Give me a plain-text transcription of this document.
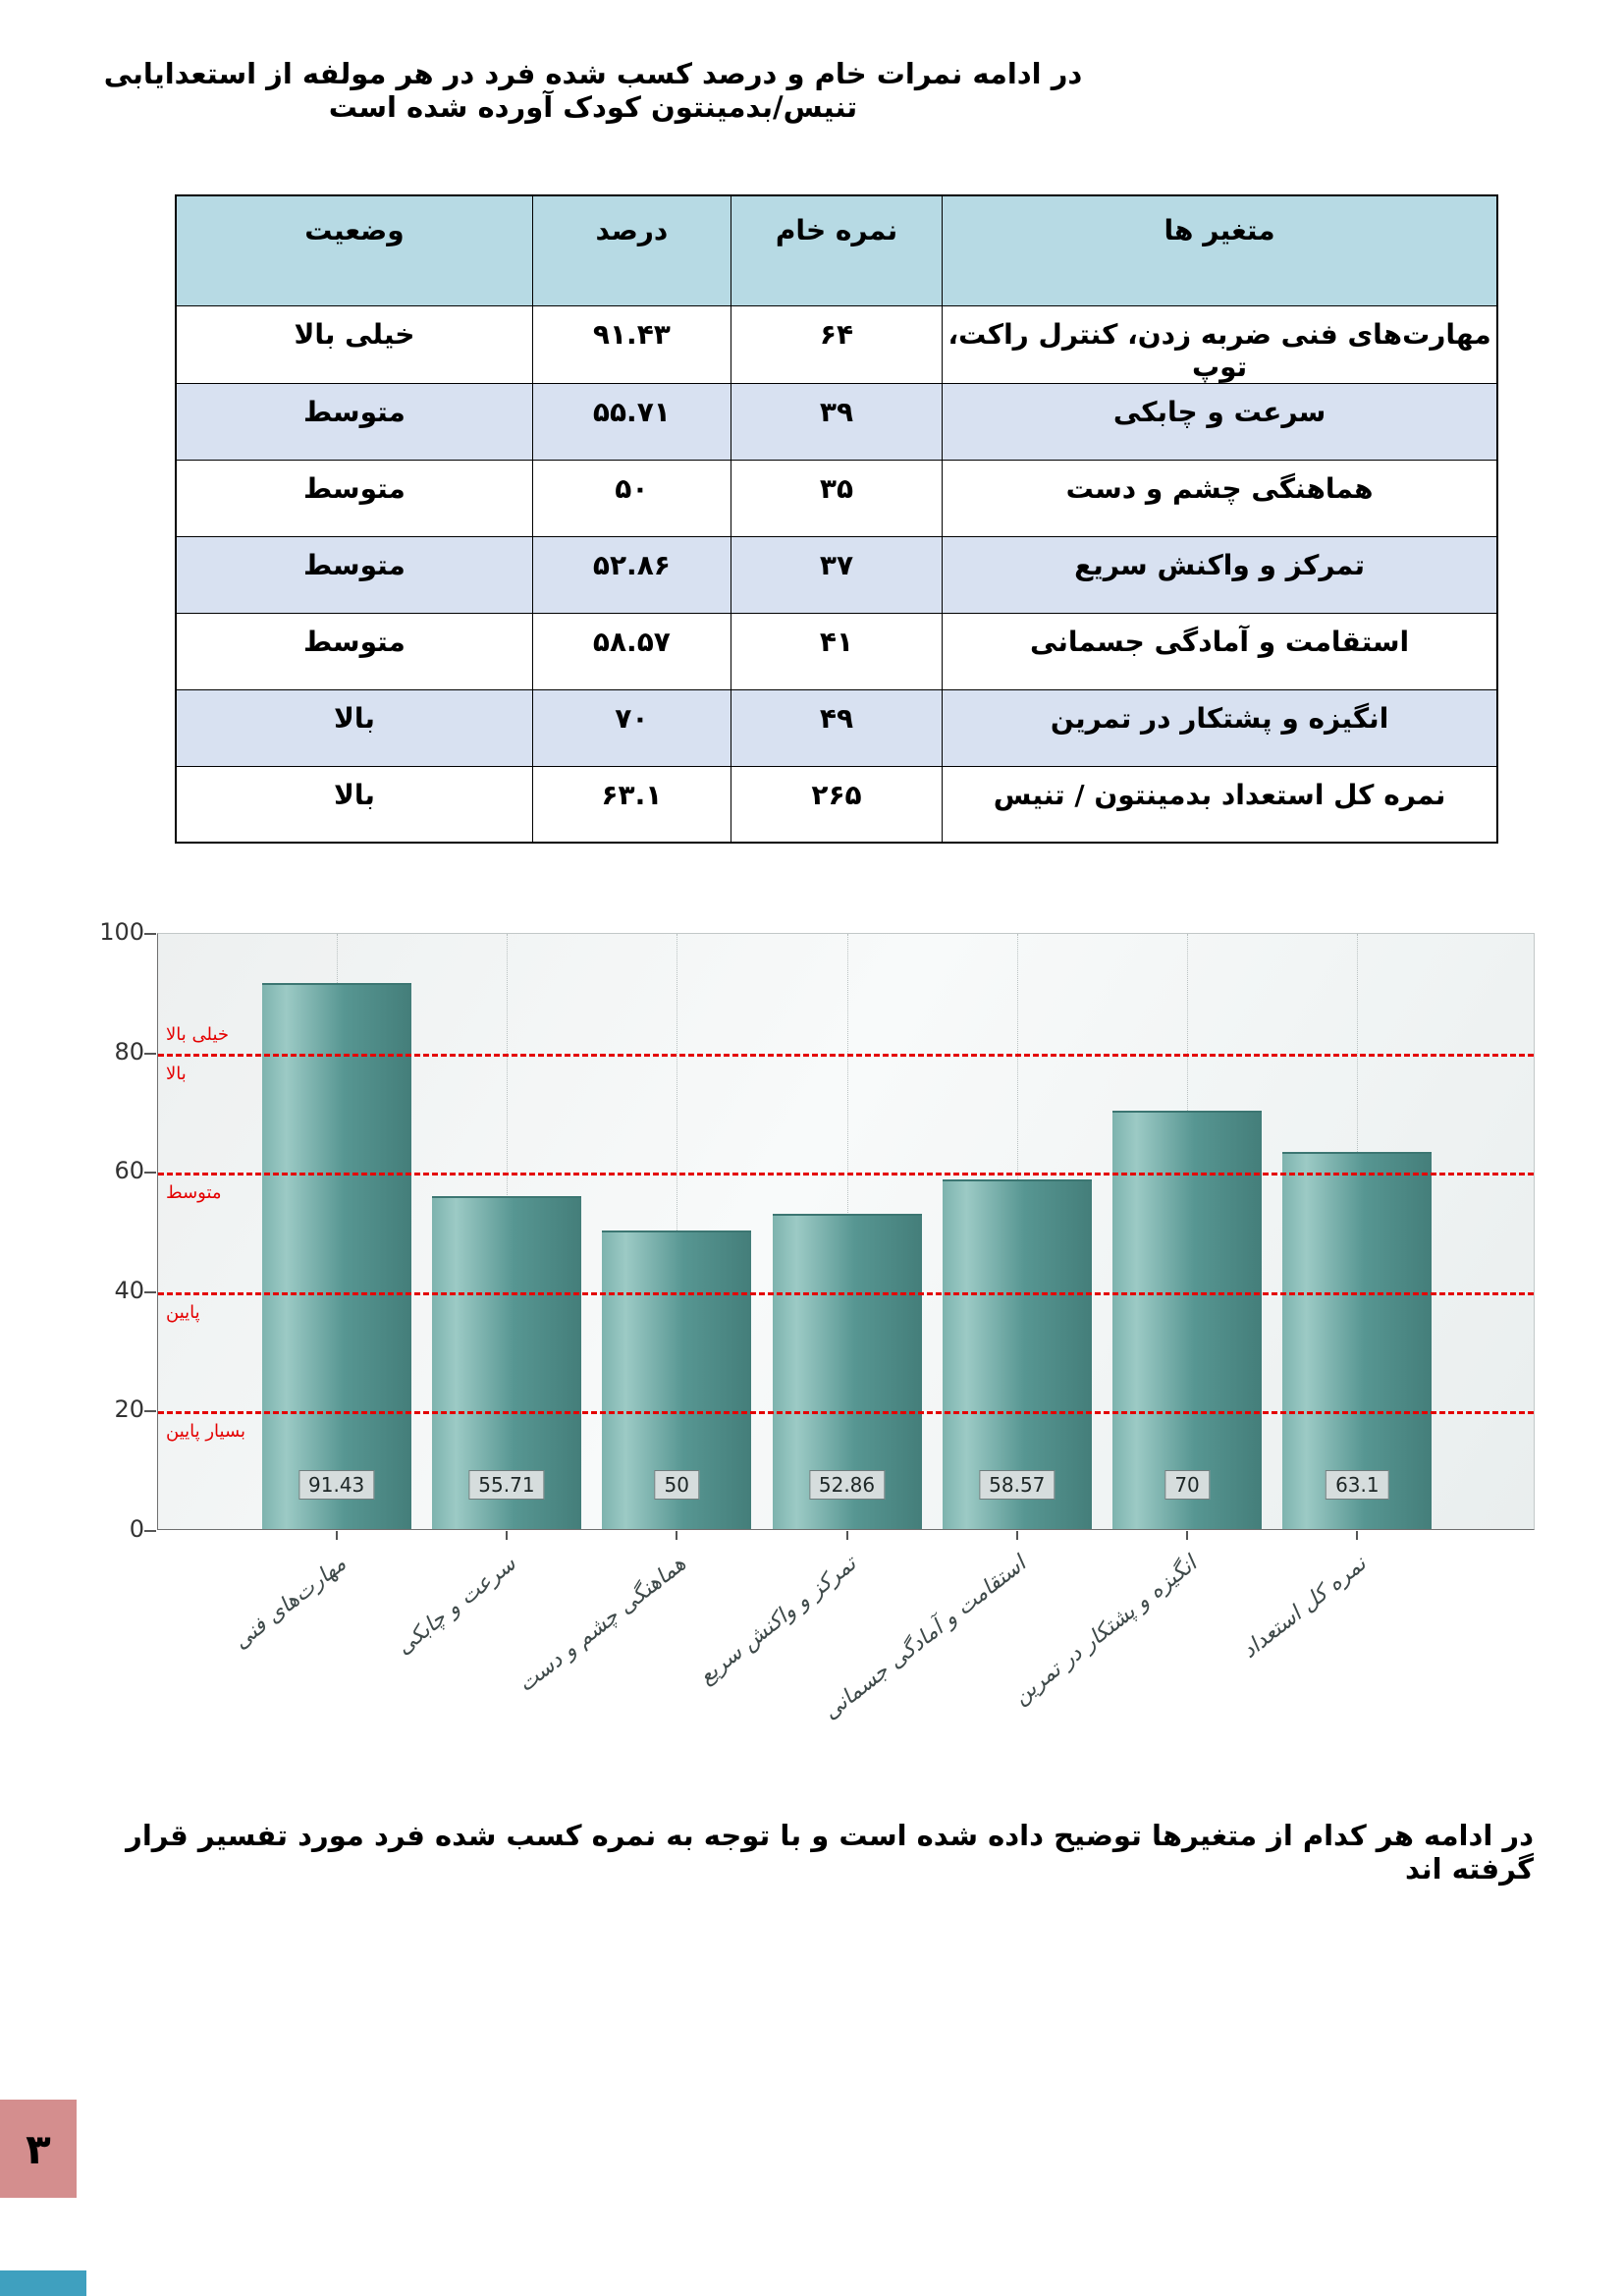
در ادامه نمرات خام و درصد کسب شده فرد در هر مولفه از استعدایابی تنیس/بدمینتون کودک آورده شده است
متغیر ها	نمره خام	درصد	وضعیت
مهارت‌های فنی ضربه زدن، کنترل راکت، توپ	۶۴	۹۱.۴۳	خیلی بالا
سرعت و چابکی	۳۹	۵۵.۷۱	متوسط
هماهنگی چشم و دست	۳۵	۵۰	متوسط
تمرکز و واکنش سریع	۳۷	۵۲.۸۶	متوسط
استقامت و آمادگی جسمانی	۴۱	۵۸.۵۷	متوسط
انگیزه و پشتکار در تمرین	۴۹	۷۰	بالا
نمره کل استعداد بدمینتون / تنیس	۲۶۵	۶۳.۱	بالا
خیلی بالا
بالا
متوسط
پایین
بسیار پایین
91.43	55.71	50	52.86	58.57	70	63.1
0
20
40
60
80
100
مهارت‌های فنی سرعت و چابکی
هماهنگی چشم و دست تمرکز و واکنش سریع
استقامت و آمادگی جسمانی
انگیزه و پشتکار در تمرین نمره کل استعداد
در ادامه هر کدام از متغیرها توضیح داده شده است و با توجه به نمره کسب شده فرد مورد تفسیر قرار گرفته اند
۳
